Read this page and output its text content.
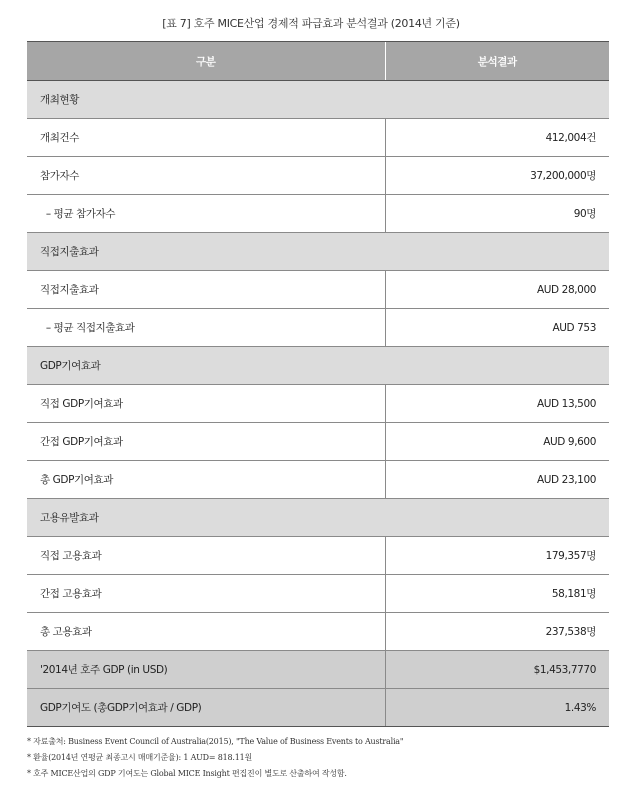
[표 7] 호주 MICE산업 경제적 파급효과 분석결과 (2014년 기준)
구분	분석결과
개최현황	
개최건수	412,004건
참가자수	37,200,000명
– 평균 참가자수	90명
직접지출효과	
직접지출효과	AUD 28,000
– 평균 직접지출효과	AUD 753
GDP기여효과	
직접 GDP기여효과	AUD 13,500
간접 GDP기여효과	AUD 9,600
총 GDP기여효과	AUD 23,100
고용유발효과	
직접 고용효과	179,357명
간접 고용효과	58,181명
총 고용효과	237,538명
'2014년 호주 GDP (in USD)	$1,453,7770
GDP기여도 (총GDP기여효과 / GDP)	1.43%
* 자료출처: Business Event Council of Australia(2015), "The Value of Business Events to Australia"
* 환율(2014년 연평균 최종고시 매매기준율): 1 AUD= 818.11원
* 호주 MICE산업의 GDP 기여도는 Global MICE Insight 편집진이 별도로 산출하여 작성함.
